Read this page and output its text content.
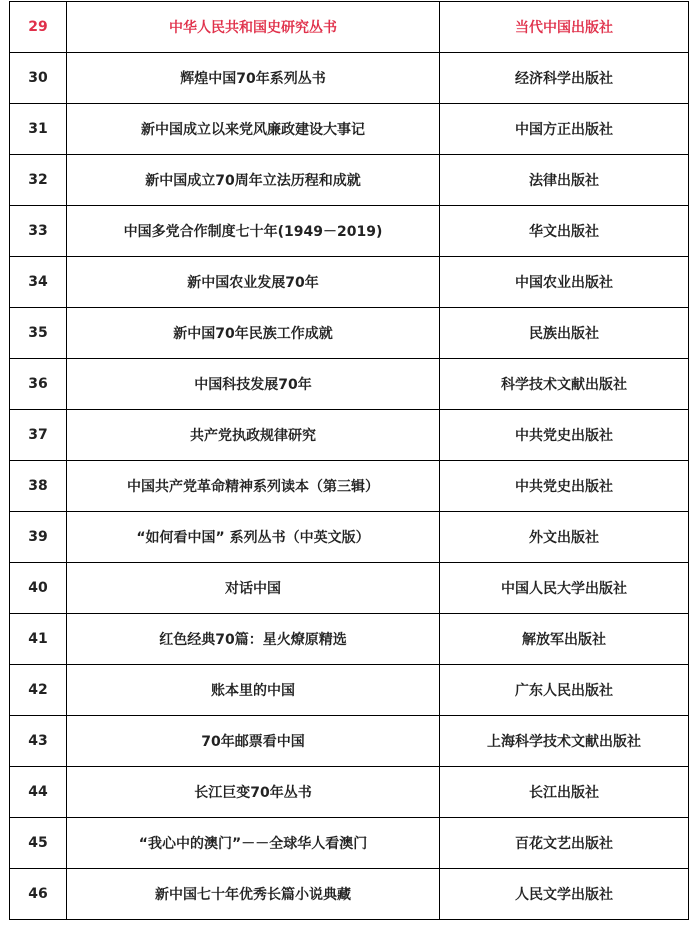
29	中华人民共和国史研究丛书	当代中国出版社
30	辉煌中国70年系列丛书	经济科学出版社
31	新中国成立以来党风廉政建设大事记	中国方正出版社
32	新中国成立70周年立法历程和成就	法律出版社
33	中国多党合作制度七十年(1949－2019)	华文出版社
34	新中国农业发展70年	中国农业出版社
35	新中国70年民族工作成就	民族出版社
36	中国科技发展70年	科学技术文献出版社
37	共产党执政规律研究	中共党史出版社
38	中国共产党革命精神系列读本（第三辑）	中共党史出版社
39	“如何看中国” 系列丛书（中英文版）	外文出版社
40	对话中国	中国人民大学出版社
41	红色经典70篇：星火燎原精选	解放军出版社
42	账本里的中国	广东人民出版社
43	70年邮票看中国	上海科学技术文献出版社
44	长江巨变70年丛书	长江出版社
45	“我心中的澳门”－－全球华人看澳门	百花文艺出版社
46	新中国七十年优秀长篇小说典藏	人民文学出版社
